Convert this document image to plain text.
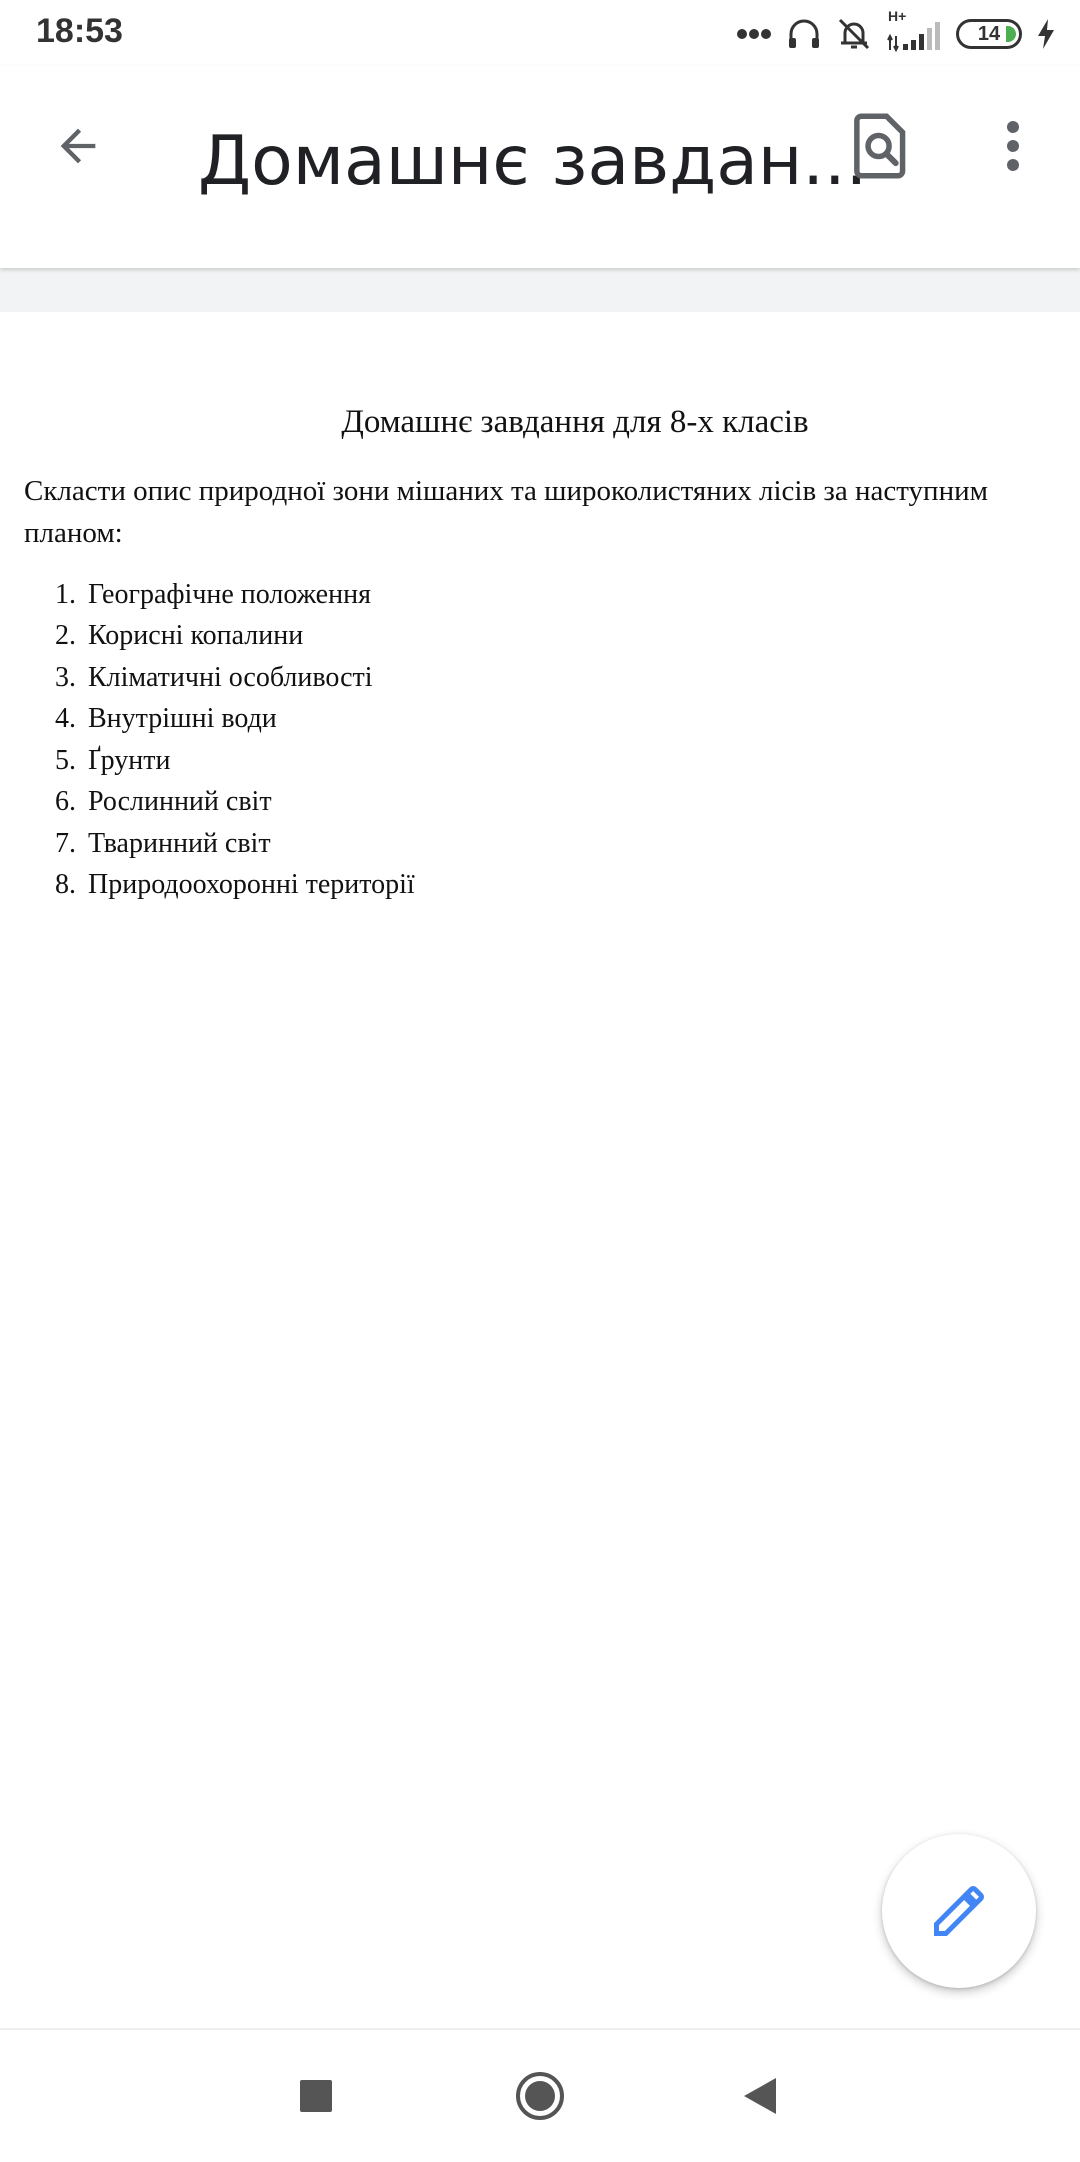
18:53	H+
14
Домашнє завдан...
Домашнє завдання для 8-х класів
Скласти опис природної зони мішаних та широколистяних лісів за наступним планом:
1. Географічне положення
2. Корисні копалини
3. Кліматичні особливості
4. Внутрішні води
5. Ґрунти
6. Рослинний світ
7. Тваринний світ
8. Природоохоронні території
